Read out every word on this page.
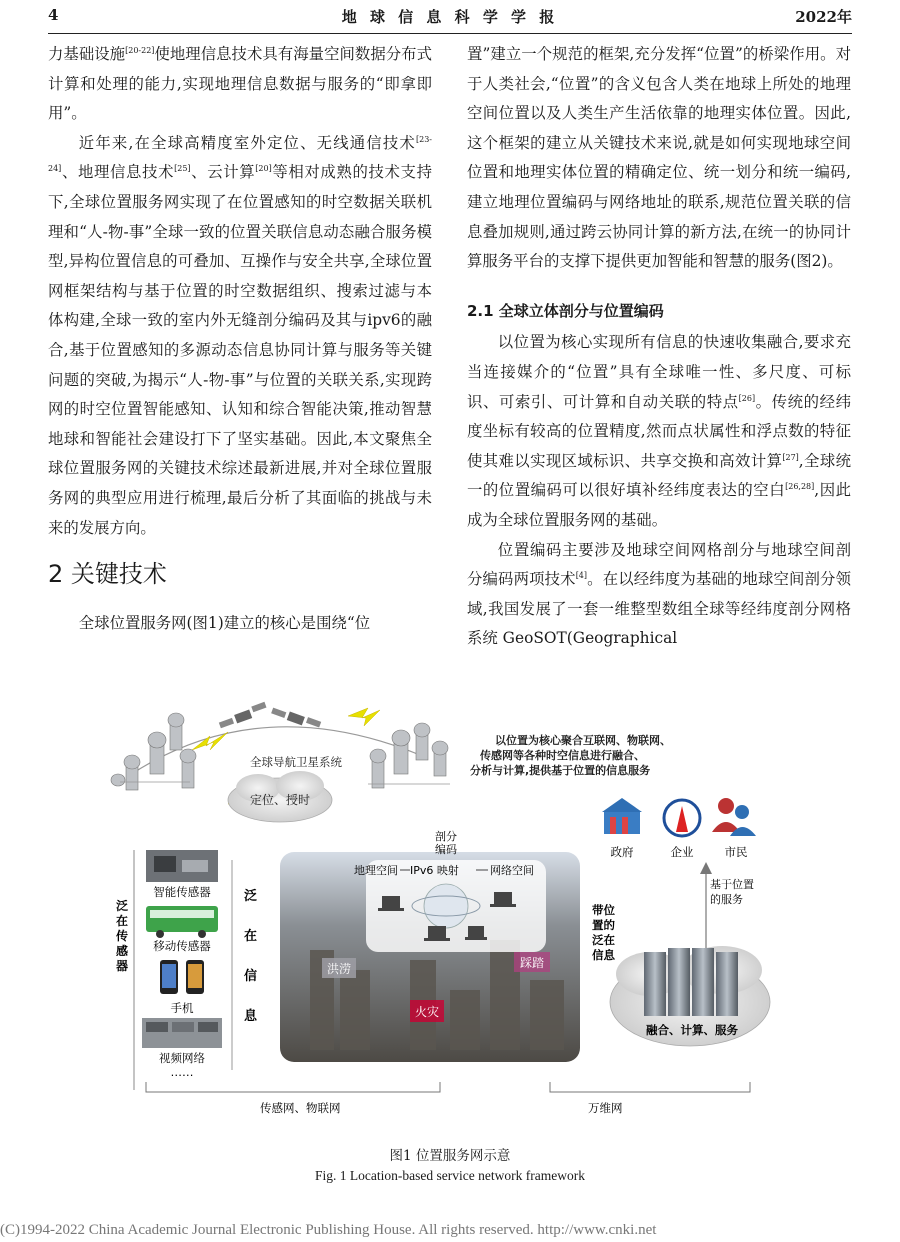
4	地 球 信 息 科 学 学 报	2022年

力基础设施[20-22]使地理信息技术具有海量空间数据分布式计算和处理的能力,实现地理信息数据与服务的“即拿即用”。

近年来,在全球高精度室外定位、无线通信技术[23-24]、地理信息技术[25]、云计算[20]等相对成熟的技术支持下,全球位置服务网实现了在位置感知的时空数据关联机理和“人-物-事”全球一致的位置关联信息动态融合服务模型,异构位置信息的可叠加、互操作与安全共享,全球位置网框架结构与基于位置的时空数据组织、搜索过滤与本体构建,全球一致的室内外无缝剖分编码及其与ipv6的融合,基于位置感知的多源动态信息协同计算与服务等关键问题的突破,为揭示“人-物-事”与位置的关联关系,实现跨网的时空位置智能感知、认知和综合智能决策,推动智慧地球和智能社会建设打下了坚实基础。因此,本文聚焦全球位置服务网的关键技术综述最新进展,并对全球位置服务网的典型应用进行梳理,最后分析了其面临的挑战与未来的发展方向。

2 关键技术

全球位置服务网(图1)建立的核心是围绕“位

置”建立一个规范的框架,充分发挥“位置”的桥梁作用。对于人类社会,“位置”的含义包含人类在地球上所处的地理空间位置以及人类生产生活依靠的地理实体位置。因此,这个框架的建立从关键技术来说,就是如何实现地球空间位置和地理实体位置的精确定位、统一划分和统一编码,建立地理位置编码与网络地址的联系,规范位置关联的信息叠加规则,通过跨云协同计算的新方法,在统一的协同计算服务平台的支撑下提供更加智能和智慧的服务(图2)。

2.1 全球立体剖分与位置编码

以位置为核心实现所有信息的快速收集融合,要求充当连接媒介的“位置”具有全球唯一性、多尺度、可标识、可索引、可计算和自动关联的特点[26]。传统的经纬度坐标有较高的位置精度,然而点状属性和浮点数的特征使其难以实现区域标识、共享交换和高效计算[27],全球统一的位置编码可以很好填补经纬度表达的空白[26,28],因此成为全球位置服务网的基础。

位置编码主要涉及地球空间网格剖分与地球空间剖分编码两项技术[4]。在以经纬度为基础的地球空间剖分领域,我国发展了一套一维整型数组全球等经纬度剖分网格系统 GeoSOT(Geographical

全球导航卫星系统
定位、授时
以位置为核心聚合互联网、物联网、
传感网等各种时空信息进行融合、
分析与计算,提供基于位置的信息服务
政府	企业	市民
基于位置
的服务
剖分
编码
地理空间 IPv6 映射	网络空间
洪涝
火灾
踩踏
泛
在
传
感
器
智能传感器
移动传感器
手机
视频网络
……
泛
在
信
息
带位
置的
泛在
信息
融合、计算、服务
传感网、物联网	万维网
图1 位置服务网示意
Fig. 1 Location-based service network framework
(C)1994-2022 China Academic Journal Electronic Publishing House. All rights reserved. http://www.cnki.net
